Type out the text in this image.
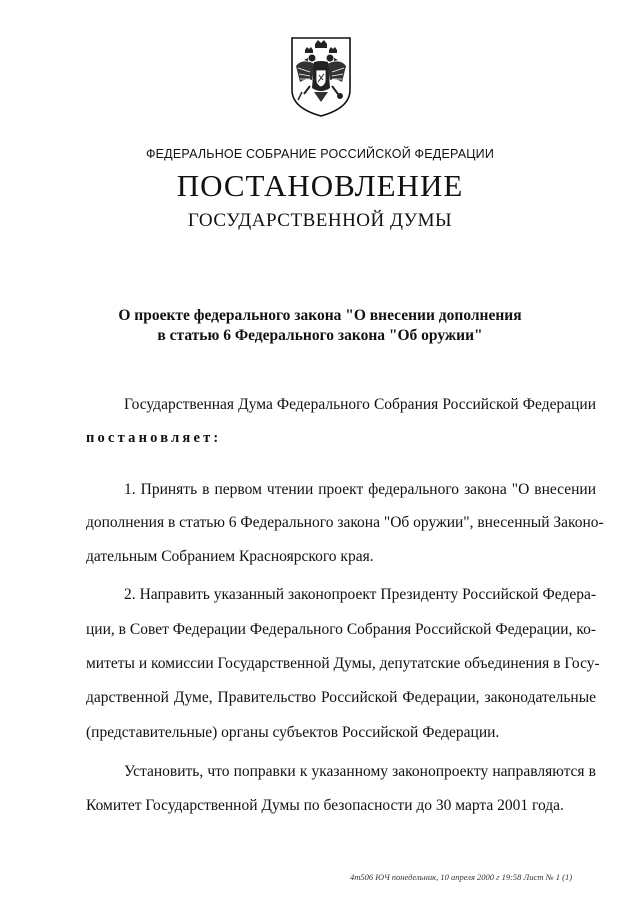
ФЕДЕРАЛЬНОЕ СОБРАНИЕ РОССИЙСКОЙ ФЕДЕРАЦИИ
ПОСТАНОВЛЕНИЕ
ГОСУДАРСТВЕННОЙ ДУМЫ
О проекте федерального закона "О внесении дополнения
в статью 6 Федерального закона "Об оружии"
Государственная Дума Федерального Собрания Российской Федерации
постановляет:
1. Принять в первом чтении проект федерального закона "О внесении
дополнения в статью 6 Федерального закона "Об оружии", внесенный Законо-
дательным Собранием Красноярского края.
2. Направить указанный законопроект Президенту Российской Федера-
ции, в Совет Федерации Федерального Собрания Российской Федерации, ко-
митеты и комиссии Государственной Думы, депутатские объединения в Госу-
дарственной Думе, Правительство Российской Федерации, законодательные
(представительные) органы субъектов Российской Федерации.
Установить, что поправки к указанному законопроекту направляются в
Комитет Государственной Думы по безопасности до 30 марта 2001 года.
4т506 ЮЧ понедельник, 10 апреля 2000 г 19:58 Лист № 1 (1)
